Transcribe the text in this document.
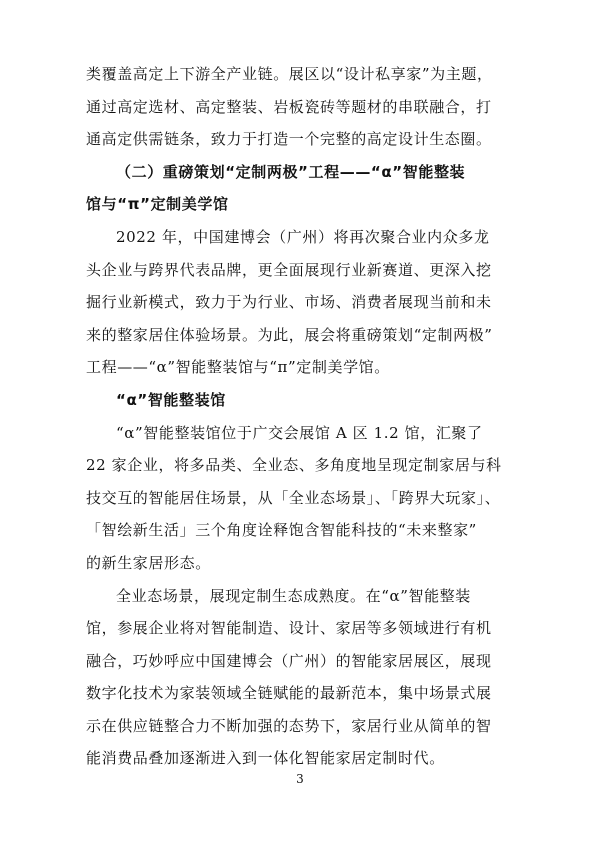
类覆盖高定上下游全产业链。展区以“设计私享家”为主题，
通过高定选材、高定整装、岩板瓷砖等题材的串联融合，打
通高定供需链条，致力于打造一个完整的高定设计生态圈。
（二）重磅策划“定制两极”工程——“α”智能整装
馆与“π”定制美学馆
2022 年，中国建博会（广州）将再次聚合业内众多龙
头企业与跨界代表品牌，更全面展现行业新赛道、更深入挖
掘行业新模式，致力于为行业、市场、消费者展现当前和未
来的整家居住体验场景。为此，展会将重磅策划“定制两极”
工程——“α”智能整装馆与“π”定制美学馆。
“α”智能整装馆
“α”智能整装馆位于广交会展馆 A 区 1.2 馆，汇聚了
22 家企业，将多品类、全业态、多角度地呈现定制家居与科
技交互的智能居住场景，从「全业态场景」、「跨界大玩家」、
「智绘新生活」三个角度诠释饱含智能科技的“未来整家”
的新生家居形态。
全业态场景，展现定制生态成熟度。在“α”智能整装
馆，参展企业将对智能制造、设计、家居等多领域进行有机
融合，巧妙呼应中国建博会（广州）的智能家居展区，展现
数字化技术为家装领域全链赋能的最新范本，集中场景式展
示在供应链整合力不断加强的态势下，家居行业从简单的智
能消费品叠加逐渐进入到一体化智能家居定制时代。
3
